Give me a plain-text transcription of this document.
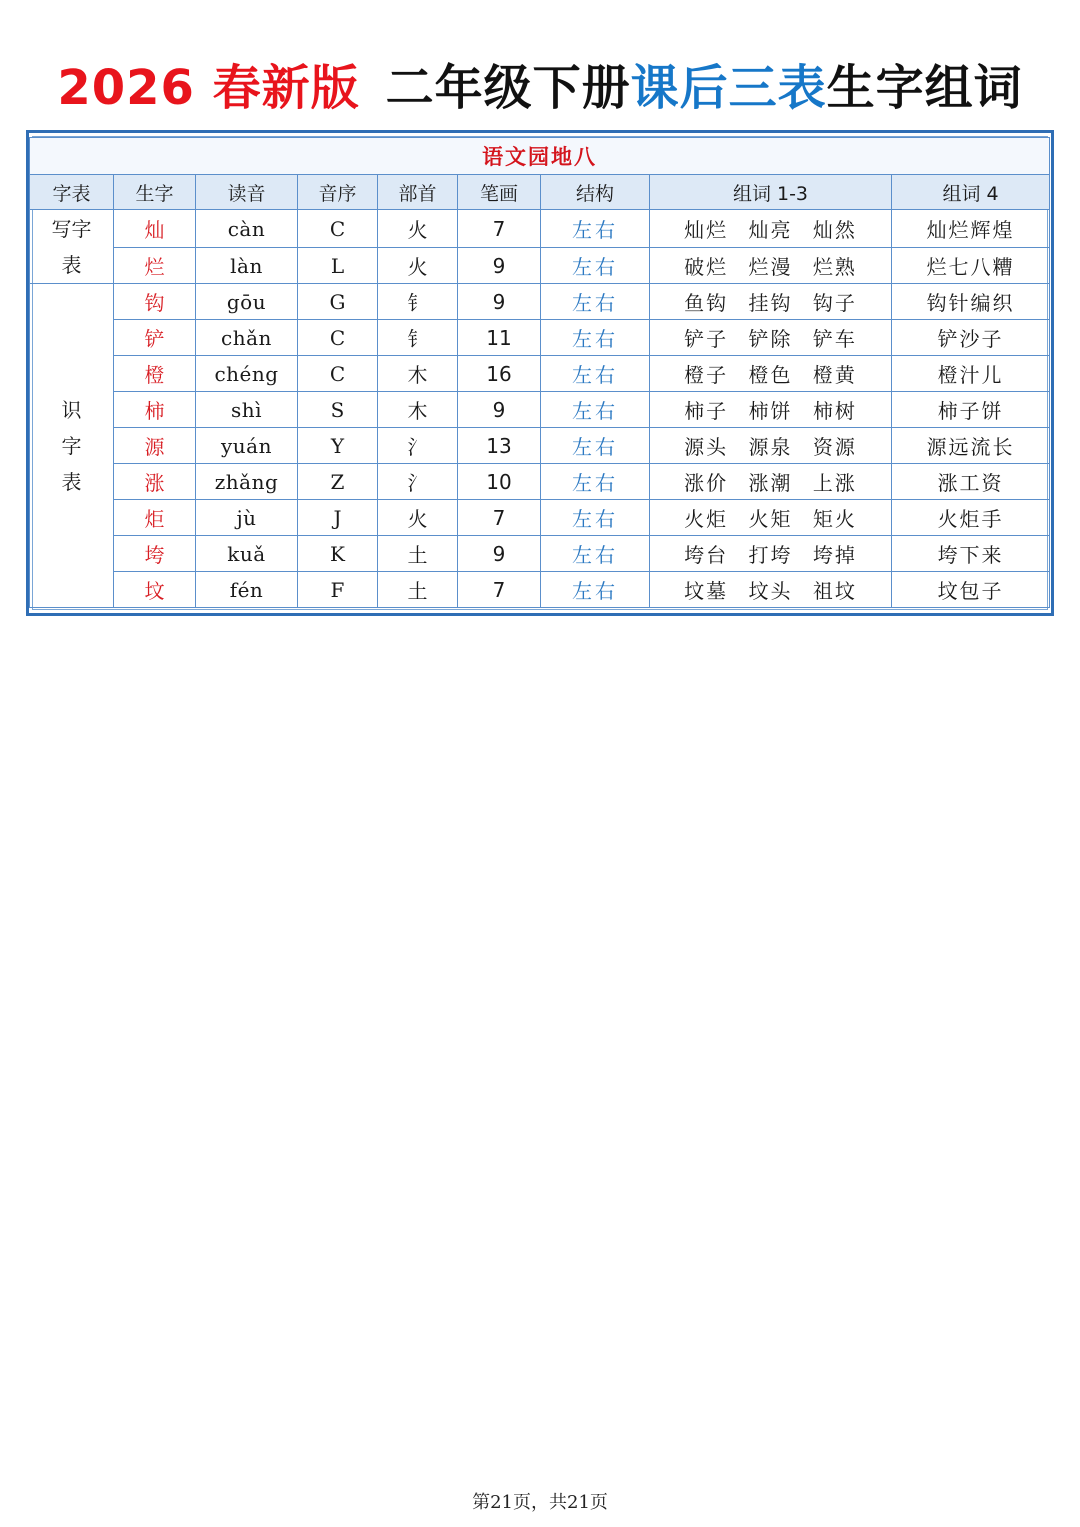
2026 春新版 二年级下册课后三表生字组词
语文园地八								
字表	生字	读音	音序	部首	笔画	结构	组词 1-3	组词 4

写字
表	灿	càn	C	火	7	左右	灿烂 灿亮 灿然	灿烂辉煌
	烂	làn	L	火	9	左右	破烂 烂漫 烂熟	烂七八糟

识
字
表	钩	gōu	G	钅	9	左右	鱼钩 挂钩 钩子	钩针编织
	铲	chǎn	C	钅	11	左右	铲子 铲除 铲车	铲沙子
	橙	chéng	C	木	16	左右	橙子 橙色 橙黄	橙汁儿
	柿	shì	S	木	9	左右	柿子 柿饼 柿树	柿子饼
	源	yuán	Y	氵	13	左右	源头 源泉 资源	源远流长
	涨	zhǎng	Z	氵	10	左右	涨价 涨潮 上涨	涨工资
	炬	jù	J	火	7	左右	火炬 火矩 矩火	火炬手
	垮	kuǎ	K	土	9	左右	垮台 打垮 垮掉	垮下来
	坟	fén	F	土	7	左右	坟墓 坟头 祖坟	坟包子
第21页，共21页
